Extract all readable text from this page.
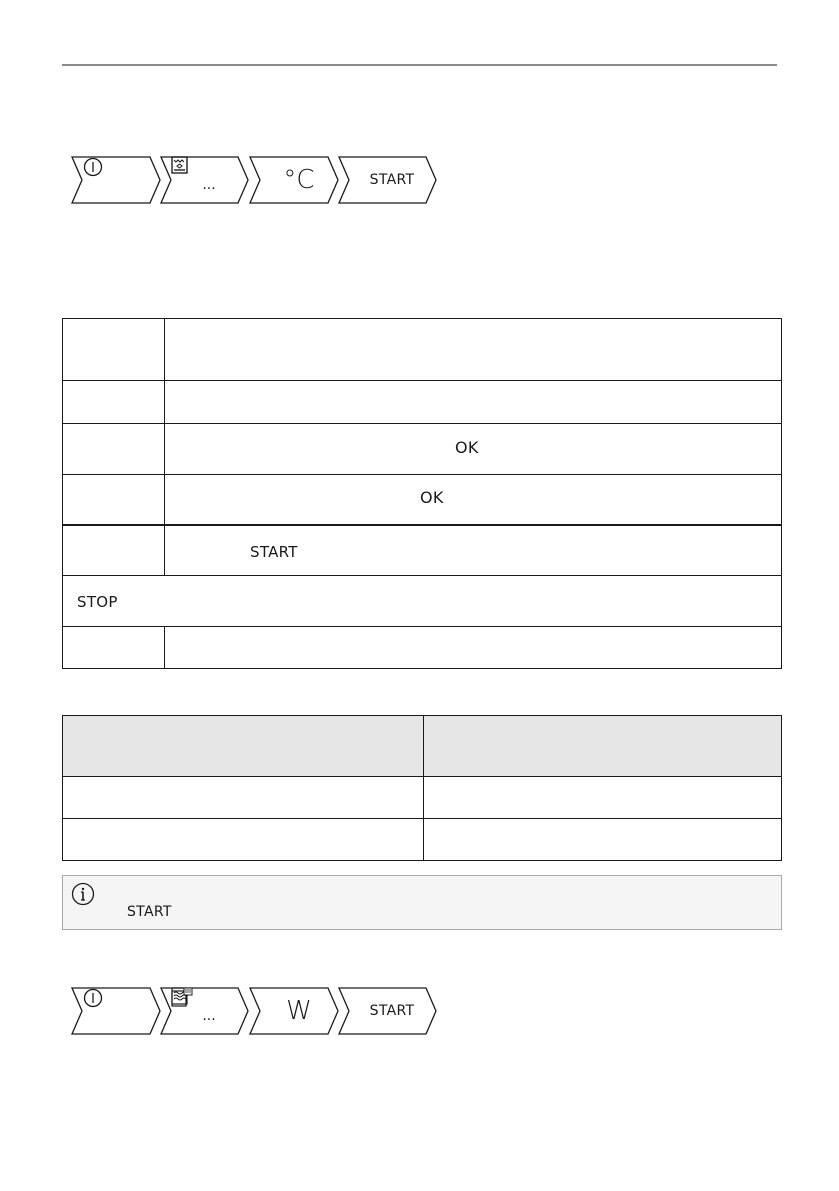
...	°C	START

	OK

	OK

	START

STOP	

START
...	W	START
